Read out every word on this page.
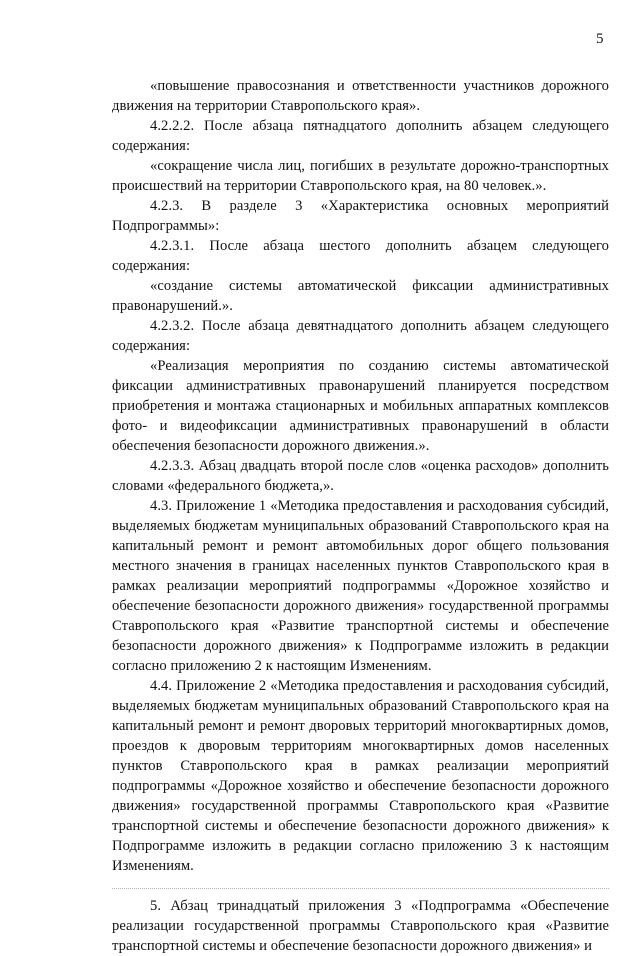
5

«повышение правосознания и ответственности участников дорожного движения на территории Ставропольского края».

4.2.2.2. После абзаца пятнадцатого дополнить абзацем следующего содержания:

«сокращение числа лиц, погибших в результате дорожно-транспортных происшествий на территории Ставропольского края, на 80 человек.».

4.2.3. В разделе 3 «Характеристика основных мероприятий Подпрограммы»:

4.2.3.1. После абзаца шестого дополнить абзацем следующего содержания:

«создание системы автоматической фиксации административных правонарушений.».

4.2.3.2. После абзаца девятнадцатого дополнить абзацем следующего содержания:

«Реализация мероприятия по созданию системы автоматической фиксации административных правонарушений планируется посредством приобретения и монтажа стационарных и мобильных аппаратных комплексов фото- и видеофиксации административных правонарушений в области обеспечения безопасности дорожного движения.».

4.2.3.3. Абзац двадцать второй после слов «оценка расходов» дополнить словами «федерального бюджета,».

4.3. Приложение 1 «Методика предоставления и расходования субсидий, выделяемых бюджетам муниципальных образований Ставропольского края на капитальный ремонт и ремонт автомобильных дорог общего пользования местного значения в границах населенных пунктов Ставропольского края в рамках реализации мероприятий подпрограммы «Дорожное хозяйство и обеспечение безопасности дорожного движения» государственной программы Ставропольского края «Развитие транспортной системы и обеспечение безопасности дорожного движения» к Подпрограмме изложить в редакции согласно приложению 2 к настоящим Изменениям.

4.4. Приложение 2 «Методика предоставления и расходования субсидий, выделяемых бюджетам муниципальных образований Ставропольского края на капитальный ремонт и ремонт дворовых территорий многоквартирных домов, проездов к дворовым территориям многоквартирных домов населенных пунктов Ставропольского края в рамках реализации мероприятий подпрограммы «Дорожное хозяйство и обеспечение безопасности дорожного движения» государственной программы Ставропольского края «Развитие транспортной системы и обеспечение безопасности дорожного движения» к Подпрограмме изложить в редакции согласно приложению 3 к настоящим Изменениям.

5. Абзац тринадцатый приложения 3 «Подпрограмма «Обеспечение реализации государственной программы Ставропольского края «Развитие транспортной системы и обеспечение безопасности дорожного движения» и
